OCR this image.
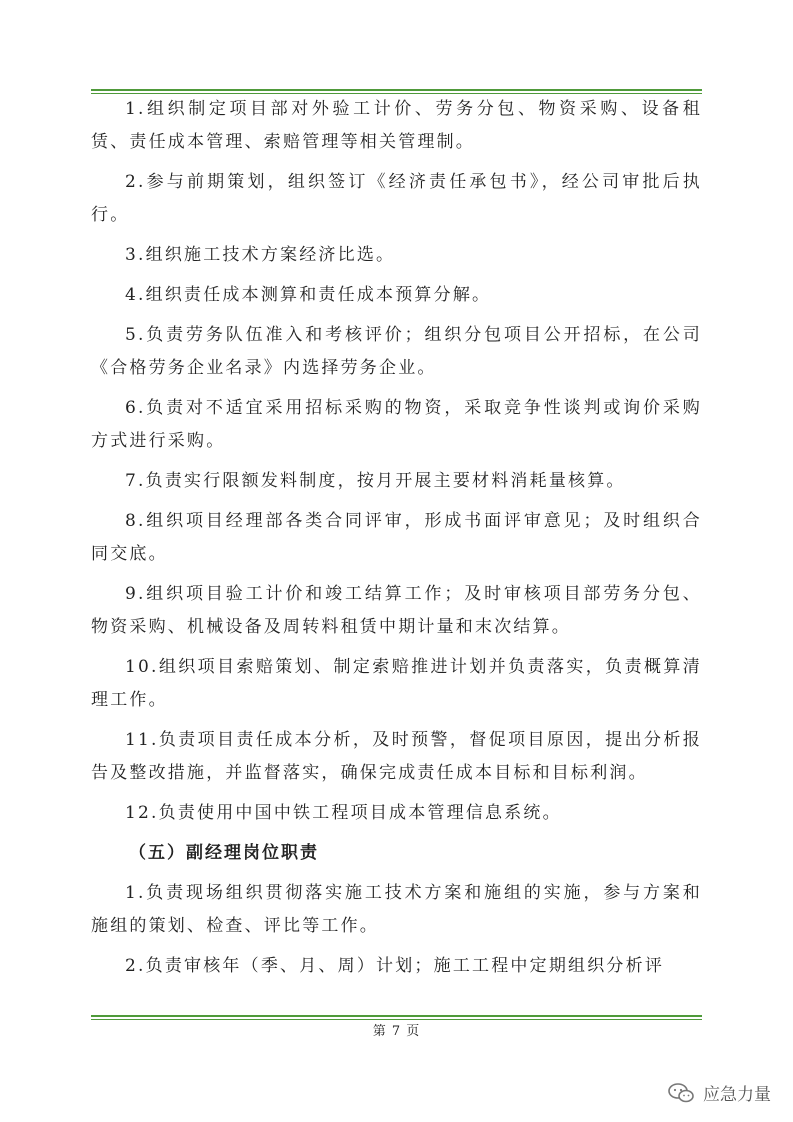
1.组织制定项目部对外验工计价、劳务分包、物资采购、设备租赁、责任成本管理、索赔管理等相关管理制。

2.参与前期策划，组织签订《经济责任承包书》，经公司审批后执行。

3.组织施工技术方案经济比选。

4.组织责任成本测算和责任成本预算分解。

5.负责劳务队伍准入和考核评价；组织分包项目公开招标，在公司《合格劳务企业名录》内选择劳务企业。

6.负责对不适宜采用招标采购的物资，采取竞争性谈判或询价采购方式进行采购。

7.负责实行限额发料制度，按月开展主要材料消耗量核算。

8.组织项目经理部各类合同评审，形成书面评审意见；及时组织合同交底。

9.组织项目验工计价和竣工结算工作；及时审核项目部劳务分包、物资采购、机械设备及周转料租赁中期计量和末次结算。

10.组织项目索赔策划、制定索赔推进计划并负责落实，负责概算清理工作。

11.负责项目责任成本分析，及时预警，督促项目原因，提出分析报告及整改措施，并监督落实，确保完成责任成本目标和目标利润。

12.负责使用中国中铁工程项目成本管理信息系统。

（五）副经理岗位职责

1.负责现场组织贯彻落实施工技术方案和施组的实施，参与方案和施组的策划、检查、评比等工作。

2.负责审核年（季、月、周）计划；施工工程中定期组织分析评

第 7 页
应急力量
